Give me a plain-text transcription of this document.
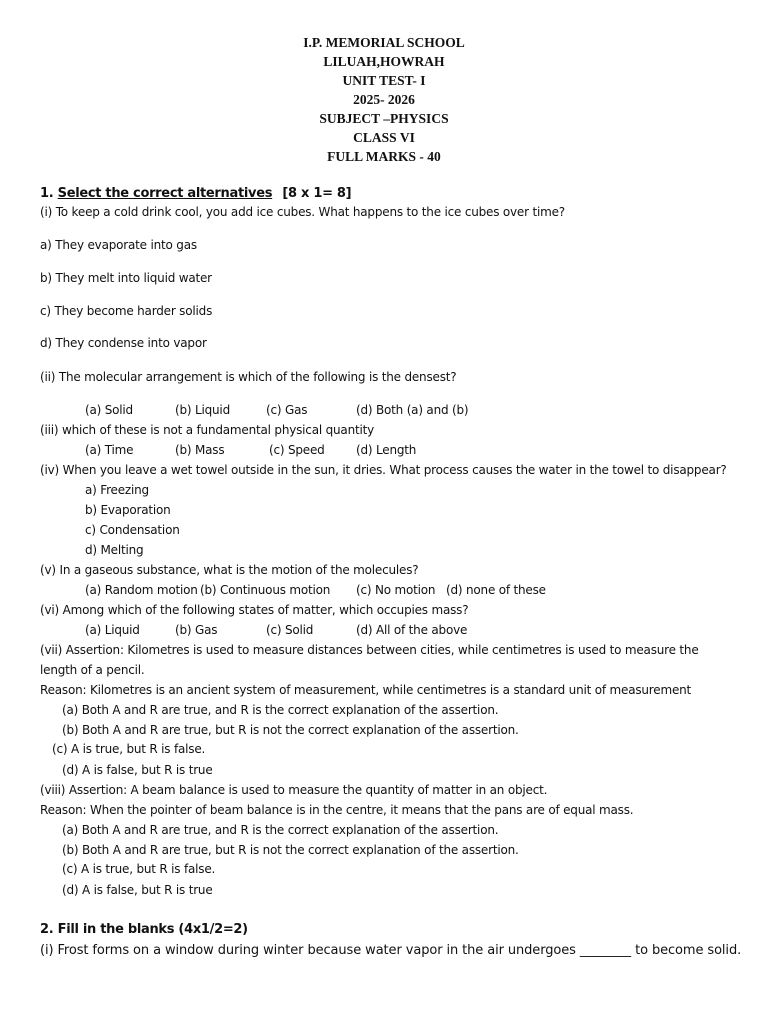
I.P. MEMORIAL SCHOOL
LILUAH,HOWRAH
UNIT TEST- I
2025- 2026
SUBJECT –PHYSICS
CLASS VI
FULL MARKS - 40
1. Select the correct alternatives [8 x 1= 8]
(i) To keep a cold drink cool, you add ice cubes. What happens to the ice cubes over time?
a) They evaporate into gas
b) They melt into liquid water
c) They become harder solids
d) They condense into vapor
(ii) The molecular arrangement is which of the following is the densest?
(a) Solid	(b) Liquid	(c) Gas	(d) Both (a) and (b)
(iii) which of these is not a fundamental physical quantity
(a) Time	(b) Mass	(c) Speed	(d) Length
(iv) When you leave a wet towel outside in the sun, it dries. What process causes the water in the towel to disappear?
a) Freezing
b) Evaporation
c) Condensation
d) Melting
(v) In a gaseous substance, what is the motion of the molecules?
(a) Random motion (b) Continuous motion (c) No motion (d) none of these
(vi) Among which of the following states of matter, which occupies mass?
(a) Liquid	(b) Gas	(c) Solid	(d) All of the above
(vii) Assertion: Kilometres is used to measure distances between cities, while centimetres is used to measure the length of a pencil.
Reason: Kilometres is an ancient system of measurement, while centimetres is a standard unit of measurement
(a) Both A and R are true, and R is the correct explanation of the assertion.
(b) Both A and R are true, but R is not the correct explanation of the assertion.
(c) A is true, but R is false.
(d) A is false, but R is true
(viii) Assertion: A beam balance is used to measure the quantity of matter in an object.
Reason: When the pointer of beam balance is in the centre, it means that the pans are of equal mass.
(a) Both A and R are true, and R is the correct explanation of the assertion.
(b) Both A and R are true, but R is not the correct explanation of the assertion.
(c) A is true, but R is false.
(d) A is false, but R is true
2. Fill in the blanks (4x1/2=2)
(i) Frost forms on a window during winter because water vapor in the air undergoes ________ to become solid.
